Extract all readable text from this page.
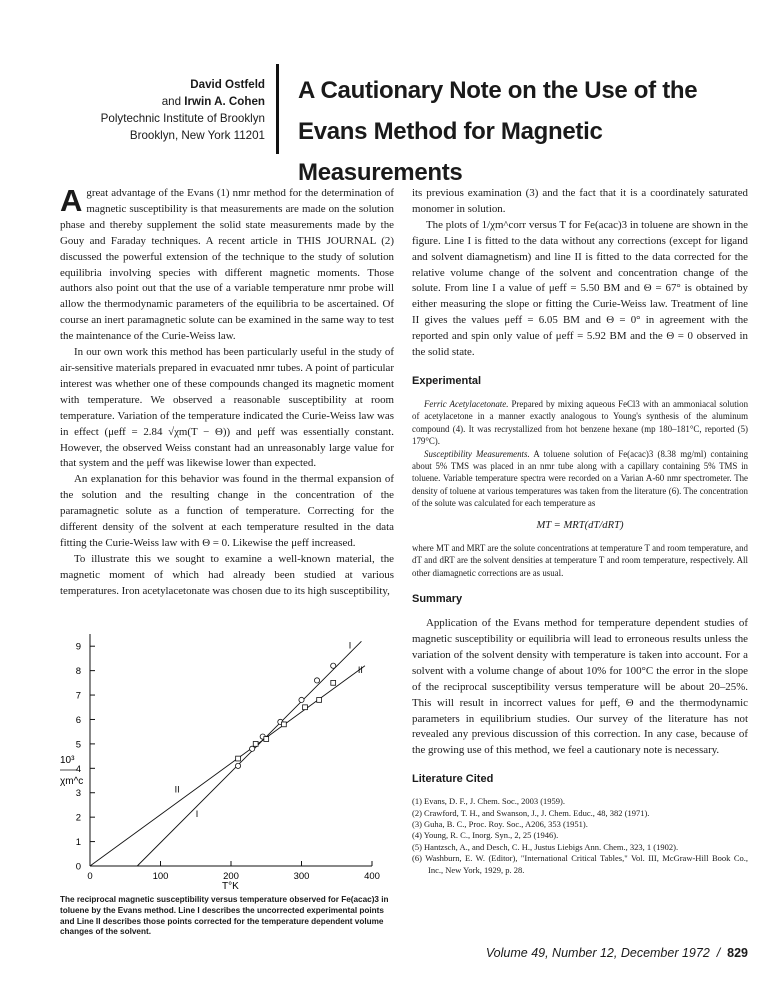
David Ostfeld
and Irwin A. Cohen
Polytechnic Institute of Brooklyn
Brooklyn, New York 11201
A Cautionary Note on the Use of the
Evans Method for Magnetic Measurements

Agreat advantage of the Evans (1) nmr method for the determination of magnetic susceptibility is that measurements are made on the solution phase and thereby supplement the solid state measurements made by the Gouy and Faraday techniques. A recent article in THIS JOURNAL (2) discussed the powerful extension of the technique to the study of solution equilibria involving species with different magnetic moments. Those authors also point out that the use of a variable temperature nmr probe will allow the thermodynamic parameters of the equilibria to be ascertained. Of course an inert paramagnetic solute can be examined in the same way to test the maintenance of the Curie-Weiss law.

In our own work this method has been particularly useful in the study of air-sensitive materials prepared in evacuated nmr tubes. A point of particular interest was whether one of these compounds changed its magnetic moment with temperature. We observed a reasonable susceptibility at room temperature. Variation of the temperature indicated the Curie-Weiss law was in effect (μeff = 2.84 √χm(T − Θ)) and μeff was essentially constant. However, the observed Weiss constant had an unreasonably large value for that system and the μeff was likewise lower than expected.

An explanation for this behavior was found in the thermal expansion of the solution and the resulting change in the concentration of the paramagnetic solute as a function of temperature. Correcting for the different density of the solvent at each temperature resulted in the data fitting the Curie-Weiss law with Θ = 0. Likewise the μeff increased.

To illustrate this we sought to examine a well-known material, the magnetic moment of which had already been studied at various temperatures. Iron acetylacetonate was chosen due to its high susceptibility,

0
1
2
3
4
5
6
7
8
9
0	100	200	300	400
I
II
II
I
10³
χm^c
T°K
The reciprocal magnetic susceptibility versus temperature observed for Fe(acac)3 in toluene by the Evans method. Line I describes the uncorrected experimental points and Line II describes those points corrected for the temperature dependent volume changes of the solvent.

its previous examination (3) and the fact that it is a coordinately saturated monomer in solution.

The plots of 1/χm^corr versus T for Fe(acac)3 in toluene are shown in the figure. Line I is fitted to the data without any corrections (except for ligand and solvent diamagnetism) and line II is fitted to the data corrected for the relative volume change of the solvent and concentration change of the solute. From line I a value of μeff = 5.50 BM and Θ = 67° is obtained by either measuring the slope or fitting the Curie-Weiss law. Treatment of line II gives the values μeff = 6.05 BM and Θ = 0° in agreement with the reported and spin only value of μeff = 5.92 BM and the Θ = 0 observed in the solid state.

Experimental

Ferric Acetylacetonate. Prepared by mixing aqueous FeCl3 with an ammoniacal solution of acetylacetone in a manner exactly analogous to Young's synthesis of the aluminum compound (4). It was recrystallized from hot benzene hexane (mp 180–181°C, reported (5) 179°C).

Susceptibility Measurements. A toluene solution of Fe(acac)3 (8.38 mg/ml) containing about 5% TMS was placed in an nmr tube along with a capillary containing 5% TMS in toluene. Variable temperature spectra were recorded on a Varian A-60 nmr spectrometer. The density of toluene at various temperatures was taken from the literature (6). The concentration of the solute was calculated for each temperature as

MT = MRT(dT/dRT)

where MT and MRT are the solute concentrations at temperature T and room temperature, and dT and dRT are the solvent densities at temperature T and room temperature, respectively. All other diamagnetic corrections are as usual.

Summary

Application of the Evans method for temperature dependent studies of magnetic susceptibility or equilibria will lead to erroneous results unless the variation of the solvent density with temperature is taken into account. For a solvent with a volume change of about 10% for 100°C the error in the slope of the reciprocal susceptibility versus temperature will be about 20–25%. This will result in incorrect values for μeff, Θ and the thermodynamic parameters in equilibrium studies. Our survey of the literature has not revealed any previous discussion of this correction. In any case, because of the growing use of this method, we feel a cautionary note is necessary.

Literature Cited
(1) Evans, D. F., J. Chem. Soc., 2003 (1959).
(2) Crawford, T. H., and Swanson, J., J. Chem. Educ., 48, 382 (1971).
(3) Guha, B. C., Proc. Roy. Soc., A206, 353 (1951).
(4) Young, R. C., Inorg. Syn., 2, 25 (1946).
(5) Hantzsch, A., and Desch, C. H., Justus Liebigs Ann. Chem., 323, 1 (1902).
(6) Washburn, E. W. (Editor), "International Critical Tables," Vol. III, McGraw-Hill Book Co., Inc., New York, 1929, p. 28.
Volume 49, Number 12, December 1972  /  829
